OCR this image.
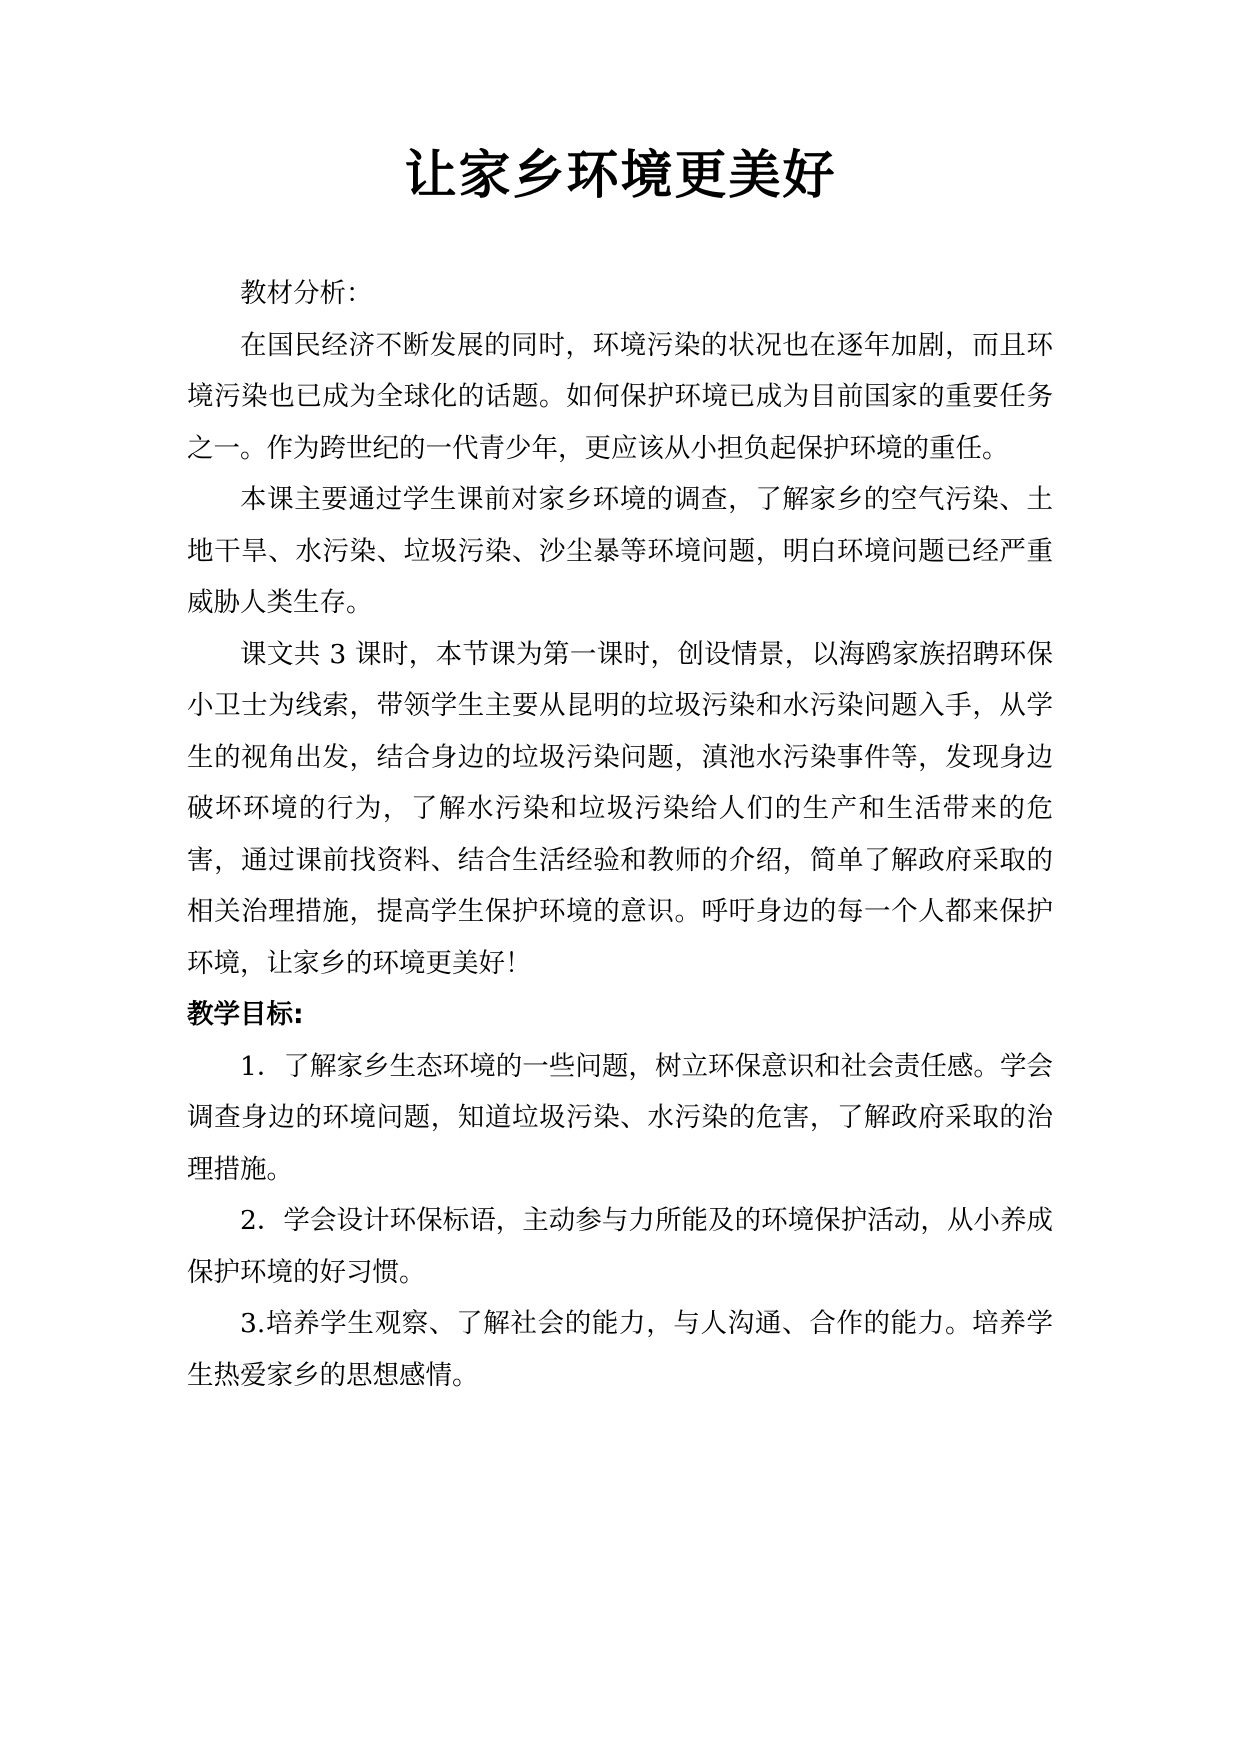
让家乡环境更美好

教材分析：

在国民经济不断发展的同时，环境污染的状况也在逐年加剧，而且环境污染也已成为全球化的话题。如何保护环境已成为目前国家的重要任务之一。作为跨世纪的一代青少年，更应该从小担负起保护环境的重任。

本课主要通过学生课前对家乡环境的调查，了解家乡的空气污染、土地干旱、水污染、垃圾污染、沙尘暴等环境问题，明白环境问题已经严重威胁人类生存。

课文共 3 课时，本节课为第一课时，创设情景，以海鸥家族招聘环保小卫士为线索，带领学生主要从昆明的垃圾污染和水污染问题入手，从学生的视角出发，结合身边的垃圾污染问题，滇池水污染事件等，发现身边破坏环境的行为，了解水污染和垃圾污染给人们的生产和生活带来的危害，通过课前找资料、结合生活经验和教师的介绍，简单了解政府采取的相关治理措施，提高学生保护环境的意识。呼吁身边的每一个人都来保护环境，让家乡的环境更美好！

教学目标:

1．了解家乡生态环境的一些问题，树立环保意识和社会责任感。学会调查身边的环境问题，知道垃圾污染、水污染的危害，了解政府采取的治理措施。

2．学会设计环保标语，主动参与力所能及的环境保护活动，从小养成保护环境的好习惯。

3.培养学生观察、了解社会的能力，与人沟通、合作的能力。培养学生热爱家乡的思想感情。
